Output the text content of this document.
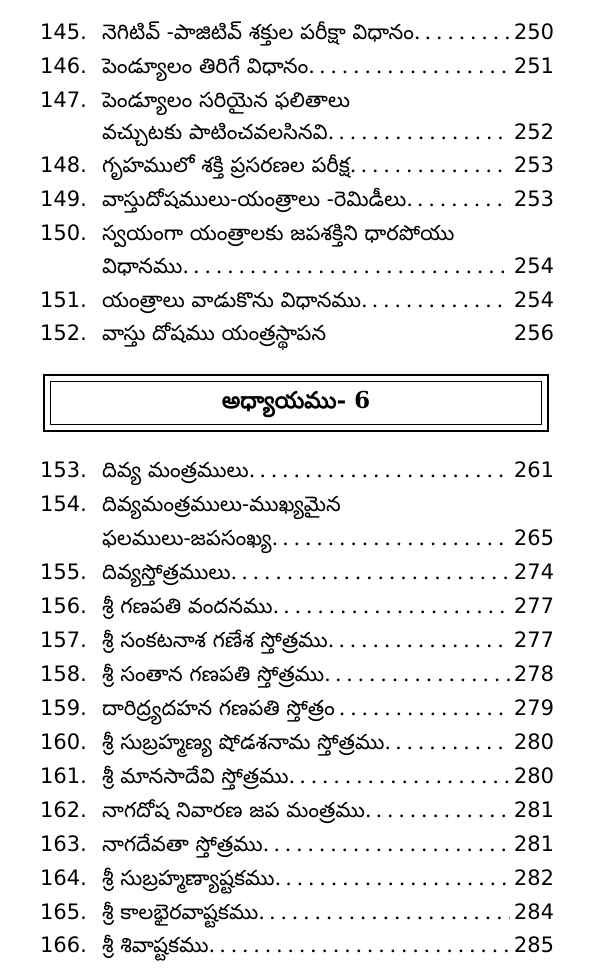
145. నెగిటివ్ -పాజిటివ్ శక్తుల పరీక్షా విధానం. . . .	250
146. పెండ్యూలం తిరిగే విధానం. . . .	251
147. పెండ్యూలం సరియైన ఫలితాలు
వచ్చుటకు పాటించవలసినవి. . . .	252
148. గృహములో శక్తి ప్రసరణల పరీక్ష. . . .	253
149. వాస్తుదోషములు-యంత్రాలు -రెమిడీలు. . . .	253
150. స్వయంగా యంత్రాలకు జపశక్తిని ధారపోయు
విధానము. . . .	254
151. యంత్రాలు వాడుకొను విధానము. . . .	254
152. వాస్తు దోషము యంత్రస్థాపన	256
అధ్యాయము- 6
153. దివ్య మంత్రములు. . . .	261
154. దివ్యమంత్రములు-ముఖ్యమైన
ఫలములు-జపసంఖ్య. . . .	265
155. దివ్యస్తోత్రములు. . . .	274
156. శ్రీ గణపతి వందనము. . . .	277
157. శ్రీ సంకటనాశ గణేశ స్తోత్రము. . . .	277
158. శ్రీ సంతాన గణపతి స్తోత్రము. . . .	278
159. దారిద్ర్యదహన గణపతి స్తోత్రం . . .	279
160. శ్రీ సుబ్రహ్మణ్య షోడశనామ స్తోత్రము. . . .	280
161. శ్రీ మానసాదేవి స్తోత్రము. . . .	280
162. నాగదోష నివారణ జప మంత్రము. . . .	281
163. నాగదేవతా స్తోత్రము. . . .	281
164. శ్రీ సుబ్రహ్మణ్యాష్టకము. . . .	282
165. శ్రీ కాలభైరవాష్టకము. . . .	284
166. శ్రీ శివాష్టకము. . . .	285
